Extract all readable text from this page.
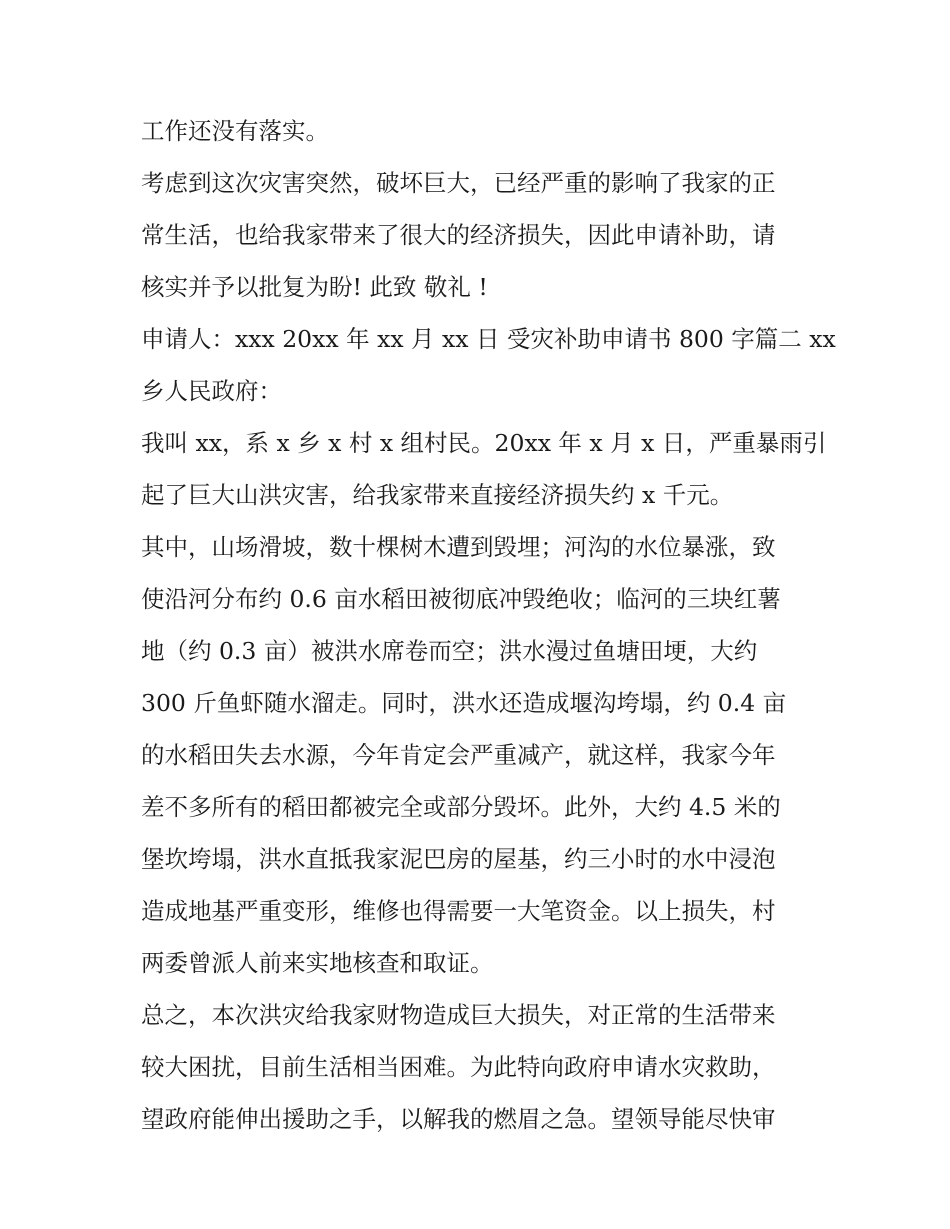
工作还没有落实。
考虑到这次灾害突然，破坏巨大，已经严重的影响了我家的正
常生活，也给我家带来了很大的经济损失，因此申请补助，请
核实并予以批复为盼! 此致 敬礼 !
申请人：xxx 20xx 年 xx 月 xx 日 受灾补助申请书 800 字篇二 xx
乡人民政府：
我叫 xx，系 x 乡 x 村 x 组村民。20xx 年 x 月 x 日，严重暴雨引
起了巨大山洪灾害，给我家带来直接经济损失约 x 千元。
其中，山场滑坡，数十棵树木遭到毁埋；河沟的水位暴涨，致
使沿河分布约 0.6 亩水稻田被彻底冲毁绝收；临河的三块红薯
地（约 0.3 亩）被洪水席卷而空；洪水漫过鱼塘田埂，大约
300 斤鱼虾随水溜走。同时，洪水还造成堰沟垮塌，约 0.4 亩
的水稻田失去水源，今年肯定会严重减产，就这样，我家今年
差不多所有的稻田都被完全或部分毁坏。此外，大约 4.5 米的
堡坎垮塌，洪水直抵我家泥巴房的屋基，约三小时的水中浸泡
造成地基严重变形，维修也得需要一大笔资金。以上损失，村
两委曾派人前来实地核查和取证。
总之，本次洪灾给我家财物造成巨大损失，对正常的生活带来
较大困扰，目前生活相当困难。为此特向政府申请水灾救助，
望政府能伸出援助之手，以解我的燃眉之急。望领导能尽快审
